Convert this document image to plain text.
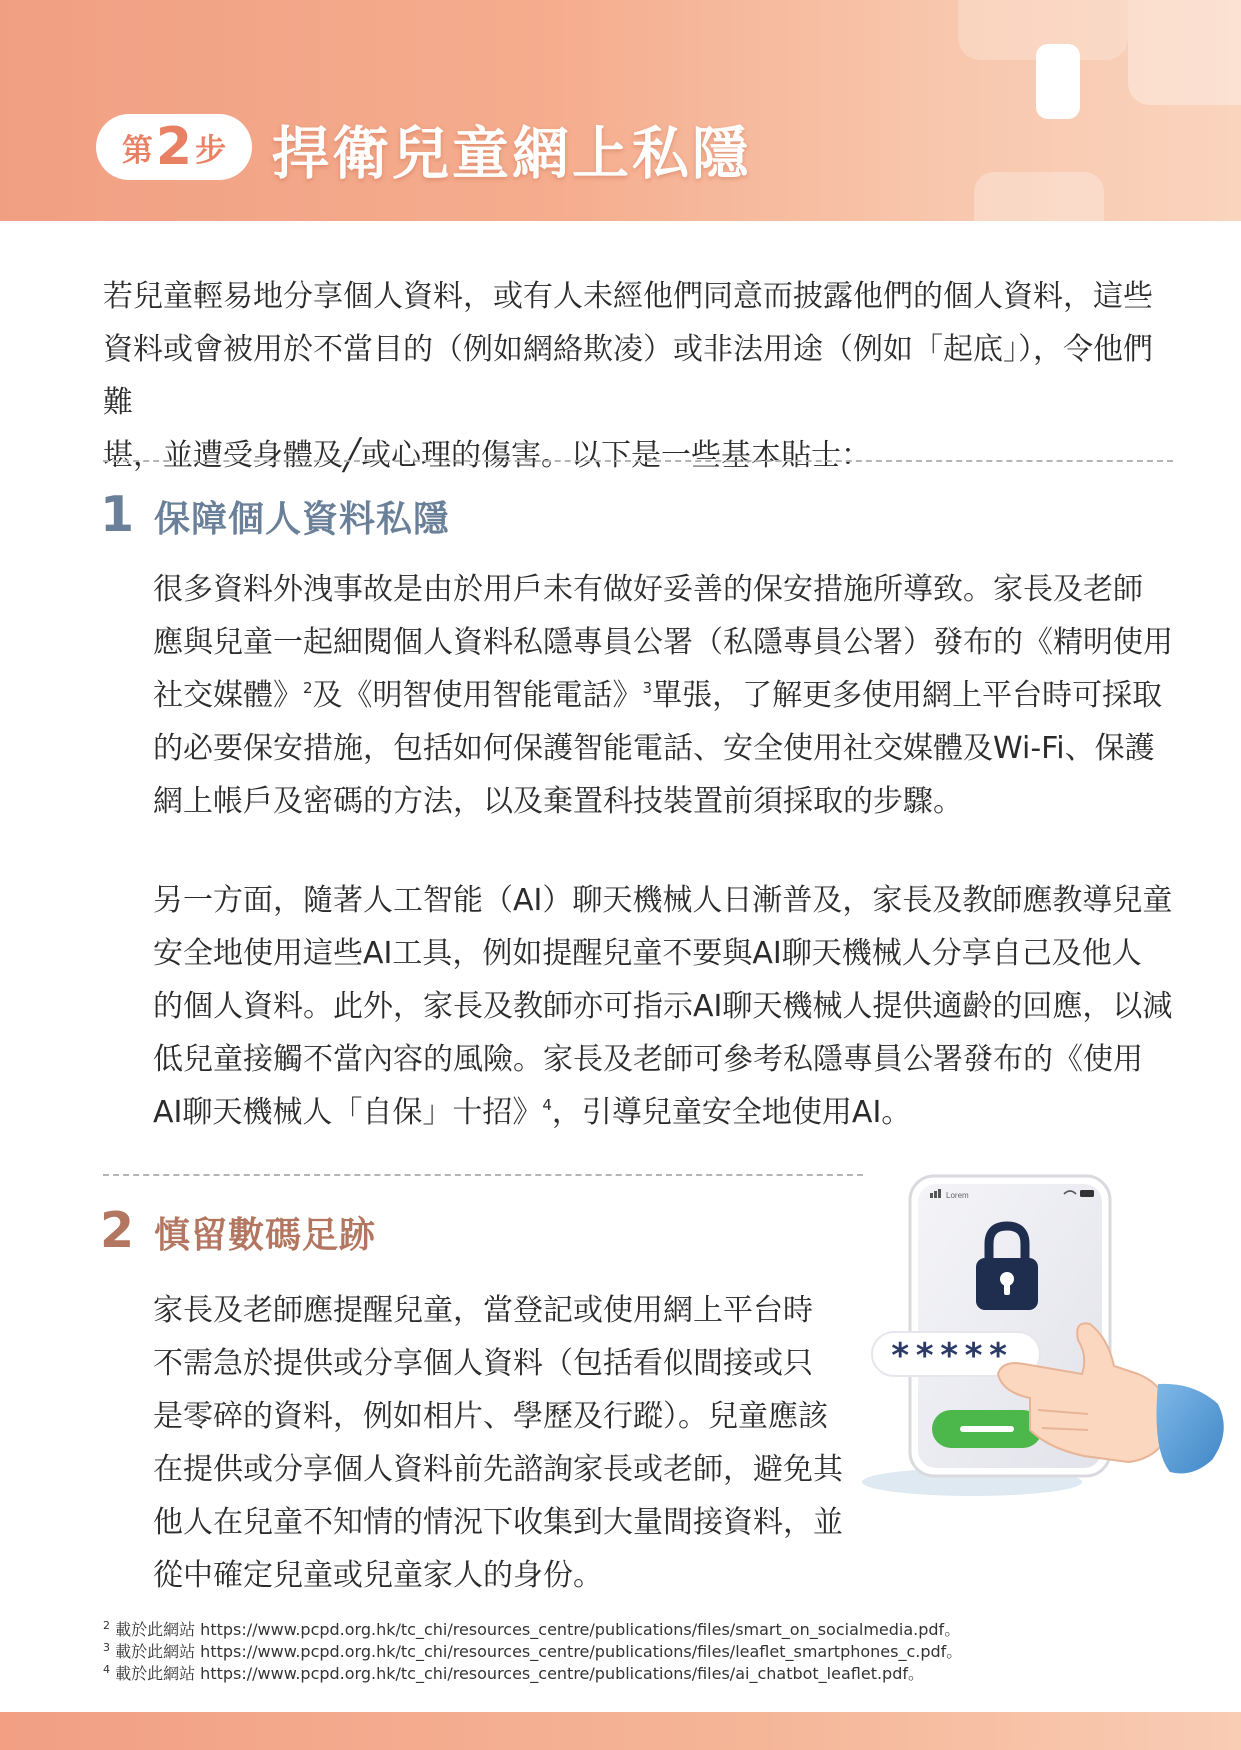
第 2 步 捍衛兒童網上私隱

若兒童輕易地分享個人資料，或有人未經他們同意而披露他們的個人資料，這些
資料或會被用於不當目的（例如網絡欺凌）或非法用途（例如「起底」），令他們難
堪，並遭受身體及╱或心理的傷害。以下是一些基本貼士：

1 保障個人資料私隱

很多資料外洩事故是由於用戶未有做好妥善的保安措施所導致。家長及老師
應與兒童一起細閱個人資料私隱專員公署（私隱專員公署）發布的《精明使用
社交媒體》$^2$及《明智使用智能電話》$^3$單張，了解更多使用網上平台時可採取
的必要保安措施，包括如何保護智能電話、安全使用社交媒體及Wi-Fi、保護
網上帳戶及密碼的方法，以及棄置科技裝置前須採取的步驟。

另一方面，隨著人工智能（AI）聊天機械人日漸普及，家長及教師應教導兒童
安全地使用這些AI工具，例如提醒兒童不要與AI聊天機械人分享自己及他人
的個人資料。此外，家長及教師亦可指示AI聊天機械人提供適齡的回應，以減
低兒童接觸不當內容的風險。家長及老師可參考私隱專員公署發布的《使用
AI聊天機械人「自保」十招》$^4$，引導兒童安全地使用AI。

2 慎留數碼足跡

家長及老師應提醒兒童，當登記或使用網上平台時
不需急於提供或分享個人資料（包括看似間接或只
是零碎的資料，例如相片、學歷及行蹤）。兒童應該
在提供或分享個人資料前先諮詢家長或老師，避免其
他人在兒童不知情的情況下收集到大量間接資料，並
從中確定兒童或兒童家人的身份。

Lorem
*****
$^2$ 載於此網站 https://www.pcpd.org.hk/tc_chi/resources_centre/publications/files/smart_on_socialmedia.pdf。
$^3$ 載於此網站 https://www.pcpd.org.hk/tc_chi/resources_centre/publications/files/leaflet_smartphones_c.pdf。
$^4$ 載於此網站 https://www.pcpd.org.hk/tc_chi/resources_centre/publications/files/ai_chatbot_leaflet.pdf。
